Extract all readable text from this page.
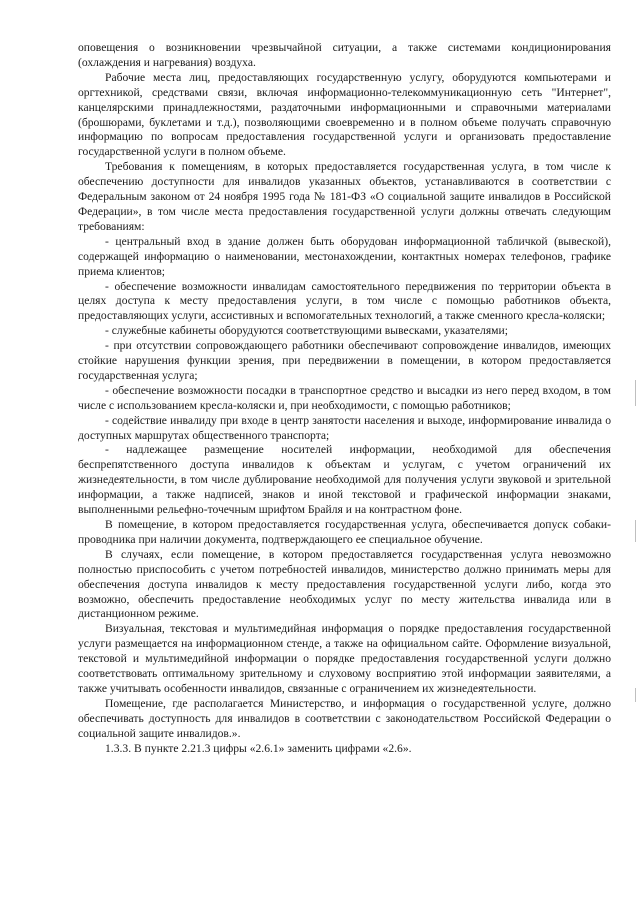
оповещения о возникновении чрезвычайной ситуации, а также системами кондиционирования (охлаждения и нагревания) воздуха.

Рабочие места лиц, предоставляющих государственную услугу, оборудуются компьютерами и оргтехникой, средствами связи, включая информационно-телекоммуникационную сеть "Интернет", канцелярскими принадлежностями, раздаточными информационными и справочными материалами (брошюрами, буклетами и т.д.), позволяющими своевременно и в полном объеме получать справочную информацию по вопросам предоставления государственной услуги и организовать предоставление государственной услуги в полном объеме.

Требования к помещениям, в которых предоставляется государственная услуга, в том числе к обеспечению доступности для инвалидов указанных объектов, устанавливаются в соответствии с Федеральным законом от 24 ноября 1995 года № 181-ФЗ «О социальной защите инвалидов в Российской Федерации», в том числе места предоставления государственной услуги должны отвечать следующим требованиям:

- центральный вход в здание должен быть оборудован информационной табличкой (вывеской), содержащей информацию о наименовании, местонахождении, контактных номерах телефонов, графике приема клиентов;

- обеспечение возможности инвалидам самостоятельного передвижения по территории объекта в целях доступа к месту предоставления услуги, в том числе с помощью работников объекта, предоставляющих услуги, ассистивных и вспомогательных технологий, а также сменного кресла-коляски;

- служебные кабинеты оборудуются соответствующими вывесками, указателями;

- при отсутствии сопровождающего работники обеспечивают сопровождение инвалидов, имеющих стойкие нарушения функции зрения, при передвижении в помещении, в котором предоставляется государственная услуга;

- обеспечение возможности посадки в транспортное средство и высадки из него перед входом, в том числе с использованием кресла-коляски и, при необходимости, с помощью работников;

- содействие инвалиду при входе в центр занятости населения и выходе, информирование инвалида о доступных маршрутах общественного транспорта;

- надлежащее размещение носителей информации, необходимой для обеспечения беспрепятственного доступа инвалидов к объектам и услугам, с учетом ограничений их жизнедеятельности, в том числе дублирование необходимой для получения услуги звуковой и зрительной информации, а также надписей, знаков и иной текстовой и графической информации знаками, выполненными рельефно-точечным шрифтом Брайля и на контрастном фоне.

В помещение, в котором предоставляется государственная услуга, обеспечивается допуск собаки-проводника при наличии документа, подтверждающего ее специальное обучение.

В случаях, если помещение, в котором предоставляется государственная услуга невозможно полностью приспособить с учетом потребностей инвалидов, министерство должно принимать меры для обеспечения доступа инвалидов к месту предоставления государственной услуги либо, когда это возможно, обеспечить предоставление необходимых услуг по месту жительства инвалида или в дистанционном режиме.

Визуальная, текстовая и мультимедийная информация о порядке предоставления государственной услуги размещается на информационном стенде, а также на официальном сайте. Оформление визуальной, текстовой и мультимедийной информации о порядке предоставления государственной услуги должно соответствовать оптимальному зрительному и слуховому восприятию этой информации заявителями, а также учитывать особенности инвалидов, связанные с ограничением их жизнедеятельности.

Помещение, где располагается Министерство, и информация о государственной услуге, должно обеспечивать доступность для инвалидов в соответствии с законодательством Российской Федерации о социальной защите инвалидов.».

1.3.3. В пункте 2.21.3 цифры «2.6.1» заменить цифрами «2.6».
